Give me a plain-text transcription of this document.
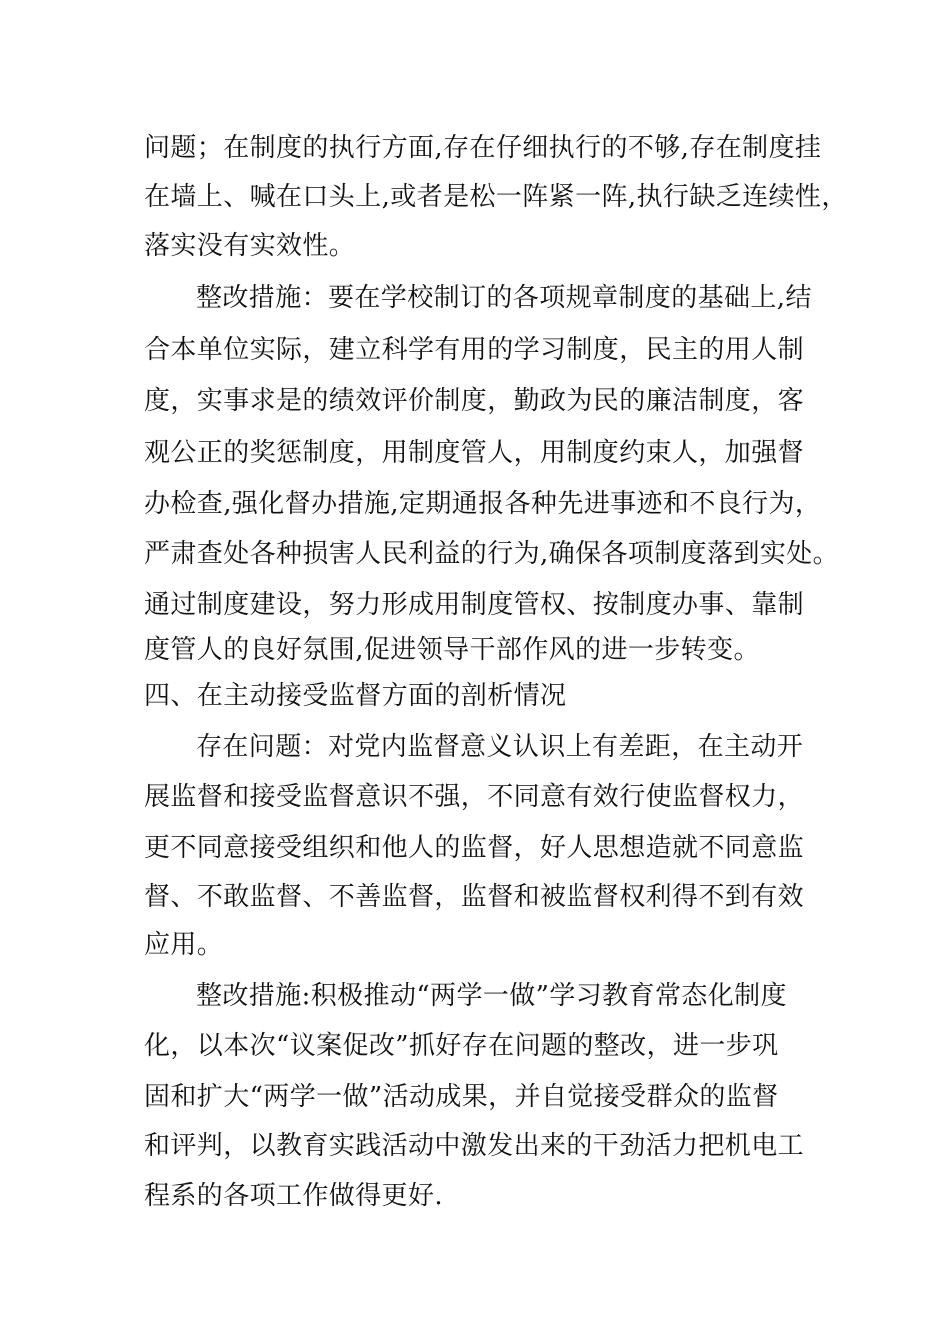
问题；在制度的执行方面,存在仔细执行的不够,存在制度挂
在墙上、喊在口头上,或者是松一阵紧一阵,执行缺乏连续性，
落实没有实效性。
整改措施：要在学校制订的各项规章制度的基础上,结
合本单位实际，建立科学有用的学习制度，民主的用人制
度，实事求是的绩效评价制度，勤政为民的廉洁制度，客
观公正的奖惩制度，用制度管人，用制度约束人，加强督
办检查,强化督办措施,定期通报各种先进事迹和不良行为，
严肃查处各种损害人民利益的行为,确保各项制度落到实处。
通过制度建设，努力形成用制度管权、按制度办事、靠制
度管人的良好氛围,促进领导干部作风的进一步转变。
四、在主动接受监督方面的剖析情况
存在问题：对党内监督意义认识上有差距，在主动开
展监督和接受监督意识不强，不同意有效行使监督权力，
更不同意接受组织和他人的监督，好人思想造就不同意监
督、不敢监督、不善监督，监督和被监督权利得不到有效
应用。
整改措施:积极推动“两学一做”学习教育常态化制度
化，以本次“议案促改”抓好存在问题的整改，进一步巩
固和扩大“两学一做”活动成果，并自觉接受群众的监督
和评判，以教育实践活动中激发出来的干劲活力把机电工
程系的各项工作做得更好.
